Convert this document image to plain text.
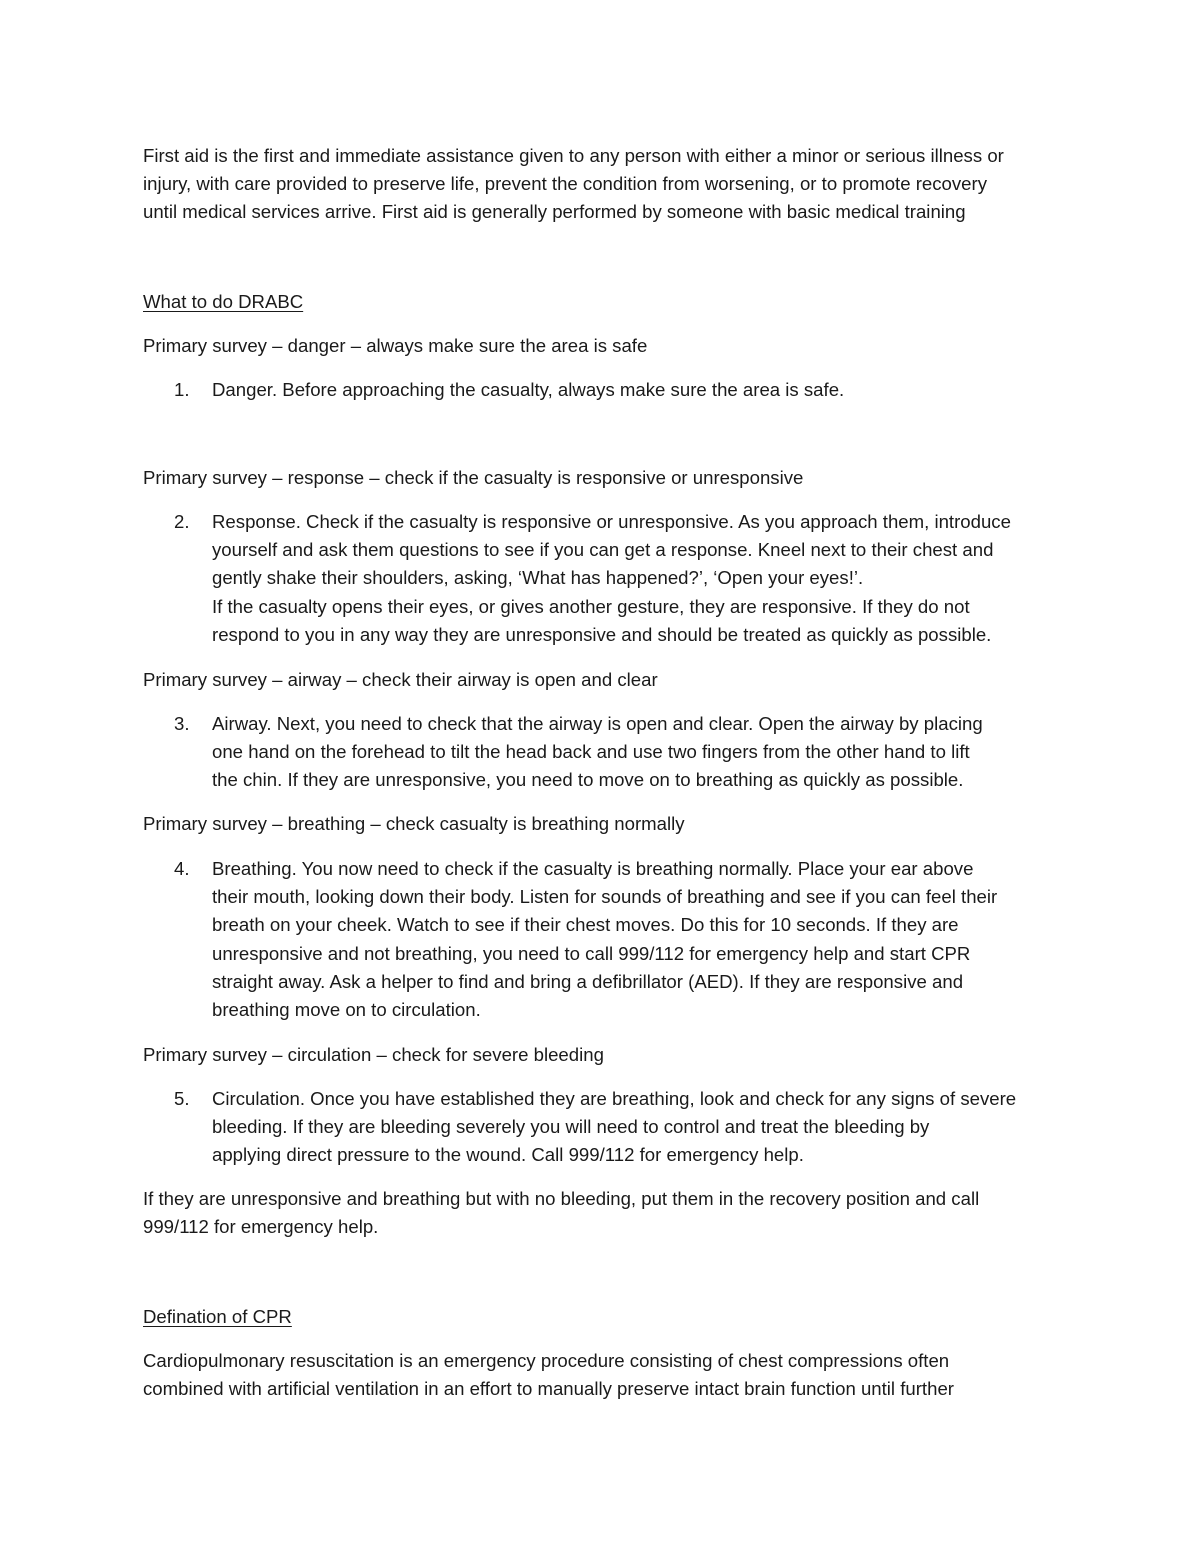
First aid is the first and immediate assistance given to any person with either a minor or serious illness or
injury, with care provided to preserve life, prevent the condition from worsening, or to promote recovery
until medical services arrive. First aid is generally performed by someone with basic medical training

What to do DRABC

Primary survey – danger – always make sure the area is safe

1.	Danger. Before approaching the casualty, always make sure the area is safe.

Primary survey – response – check if the casualty is responsive or unresponsive

2.	Response. Check if the casualty is responsive or unresponsive. As you approach them, introduce
yourself and ask them questions to see if you can get a response. Kneel next to their chest and
gently shake their shoulders, asking, ‘What has happened?’, ‘Open your eyes!’.
If the casualty opens their eyes, or gives another gesture, they are responsive. If they do not
respond to you in any way they are unresponsive and should be treated as quickly as possible.

Primary survey – airway – check their airway is open and clear

3.	Airway. Next, you need to check that the airway is open and clear. Open the airway by placing
one hand on the forehead to tilt the head back and use two fingers from the other hand to lift
the chin. If they are unresponsive, you need to move on to breathing as quickly as possible.

Primary survey – breathing – check casualty is breathing normally

4.	Breathing. You now need to check if the casualty is breathing normally. Place your ear above
their mouth, looking down their body. Listen for sounds of breathing and see if you can feel their
breath on your cheek. Watch to see if their chest moves. Do this for 10 seconds. If they are
unresponsive and not breathing, you need to call 999/112 for emergency help and start CPR
straight away. Ask a helper to find and bring a defibrillator (AED). If they are responsive and
breathing move on to circulation.

Primary survey – circulation – check for severe bleeding

5.	Circulation. Once you have established they are breathing, look and check for any signs of severe
bleeding. If they are bleeding severely you will need to control and treat the bleeding by
applying direct pressure to the wound. Call 999/112 for emergency help.

If they are unresponsive and breathing but with no bleeding, put them in the recovery position and call
999/112 for emergency help.

Defination of CPR

Cardiopulmonary resuscitation is an emergency procedure consisting of chest compressions often
combined with artificial ventilation in an effort to manually preserve intact brain function until further
